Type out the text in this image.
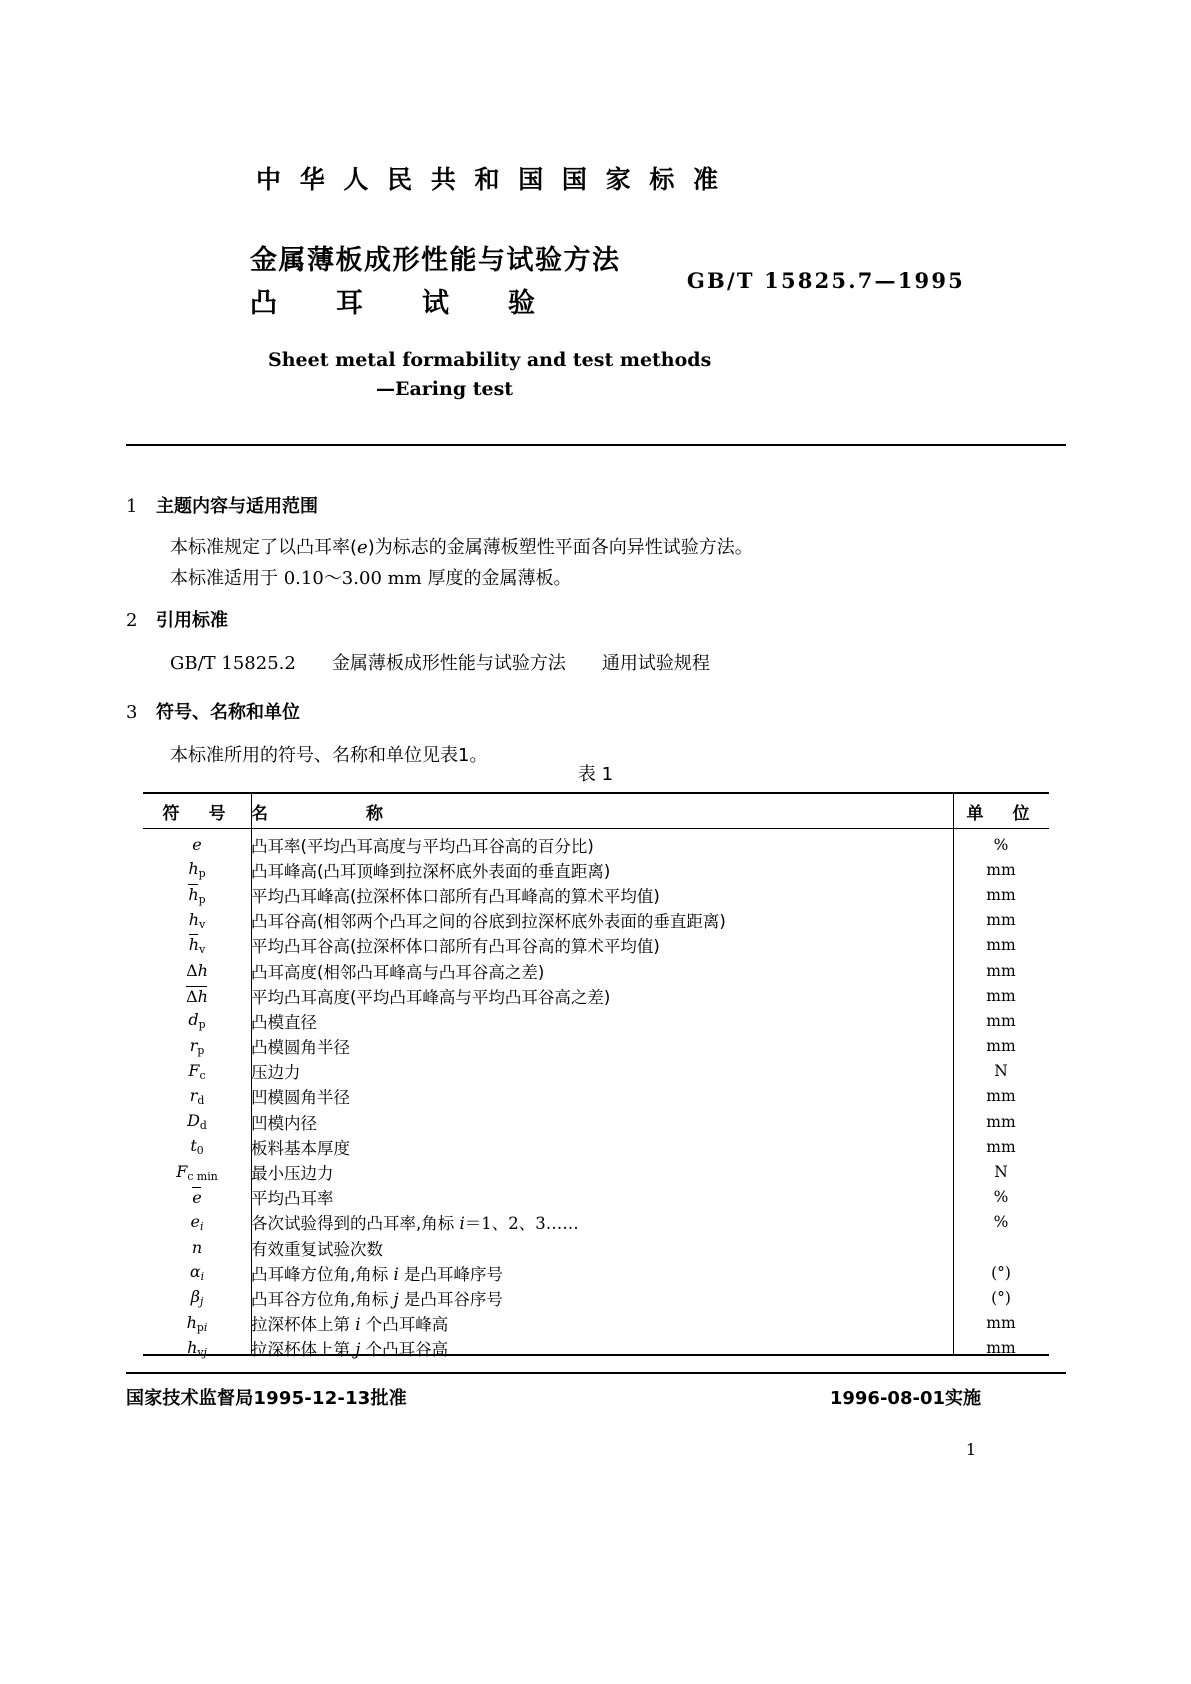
中 华 人 民 共 和 国 国 家 标 准
金属薄板成形性能与试验方法
凸 耳 试 验
GB/T 15825.7—1995
Sheet metal formability and test methods
—Earing test
1 主题内容与适用范围
本标准规定了以凸耳率(e)为标志的金属薄板塑性平面各向异性试验方法。
本标准适用于 0.10～3.00 mm 厚度的金属薄板。
2 引用标准
GB/T 15825.2　　金属薄板成形性能与试验方法　　通用试验规程
3 符号、名称和单位
本标准所用的符号、名称和单位见表1。
表 1
符　号	名　　　　称	单　位
e	凸耳率(平均凸耳高度与平均凸耳谷高的百分比)	%
$h_p$	凸耳峰高(凸耳顶峰到拉深杯底外表面的垂直距离)	mm
$h_p$	平均凸耳峰高(拉深杯体口部所有凸耳峰高的算术平均值)	mm
$h_v$	凸耳谷高(相邻两个凸耳之间的谷底到拉深杯底外表面的垂直距离)	mm
$h_v$	平均凸耳谷高(拉深杯体口部所有凸耳谷高的算术平均值)	mm
Δh	凸耳高度(相邻凸耳峰高与凸耳谷高之差)	mm
Δh	平均凸耳高度(平均凸耳峰高与平均凸耳谷高之差)	mm
$d_p$	凸模直径	mm
$r_p$	凸模圆角半径	mm
$F_c$	压边力	N
$r_d$	凹模圆角半径	mm
$D_d$	凹模内径	mm
$t_0$	板料基本厚度	mm
$F_{c min}$	最小压边力	N
e	平均凸耳率	%
$e_i$	各次试验得到的凸耳率,角标 i＝1、2、3……	%
n	有效重复试验次数	
$\alpha_i$	凸耳峰方位角,角标 i 是凸耳峰序号	(°)
$\beta_j$	凸耳谷方位角,角标 j 是凸耳谷序号	(°)
$h_{pi}$	拉深杯体上第 i 个凸耳峰高	mm
$h_{vj}$	拉深杯体上第 j 个凸耳谷高	mm
国家技术监督局1995-12-13批准	1996-08-01实施
1
